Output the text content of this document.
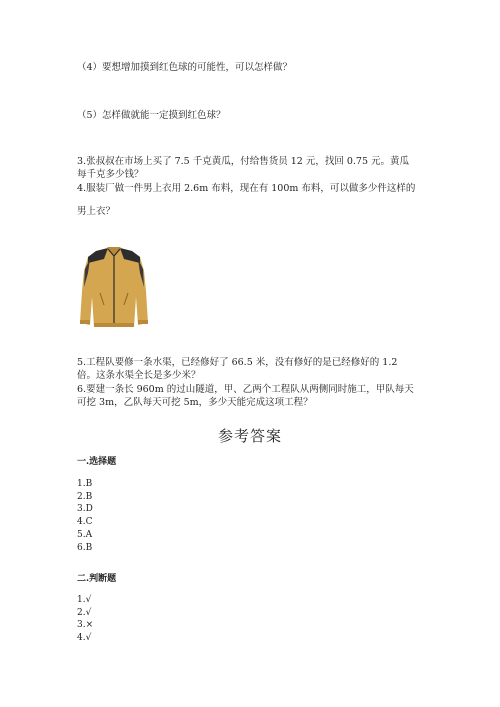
（4）要想增加摸到红色球的可能性，可以怎样做？
（5）怎样做就能一定摸到红色球？
3.张叔叔在市场上买了 7.5 千克黄瓜，付给售货员 12 元，找回 0.75 元。黄瓜
每千克多少钱？
4.服装厂做一件男上衣用 2.6m 布料，现在有 100m 布料，可以做多少件这样的
男上衣？
5.工程队要修一条水渠，已经修好了 66.5 米，没有修好的是已经修好的 1.2
倍。这条水渠全长是多少米？
6.要建一条长 960m 的过山隧道，甲、乙两个工程队从两侧同时施工，甲队每天
可挖 3m，乙队每天可挖 5m，多少天能完成这项工程？
参考答案
一.选择题
1.B
2.B
3.D
4.C
5.A
6.B
二.判断题
1.√
2.√
3.×
4.√
